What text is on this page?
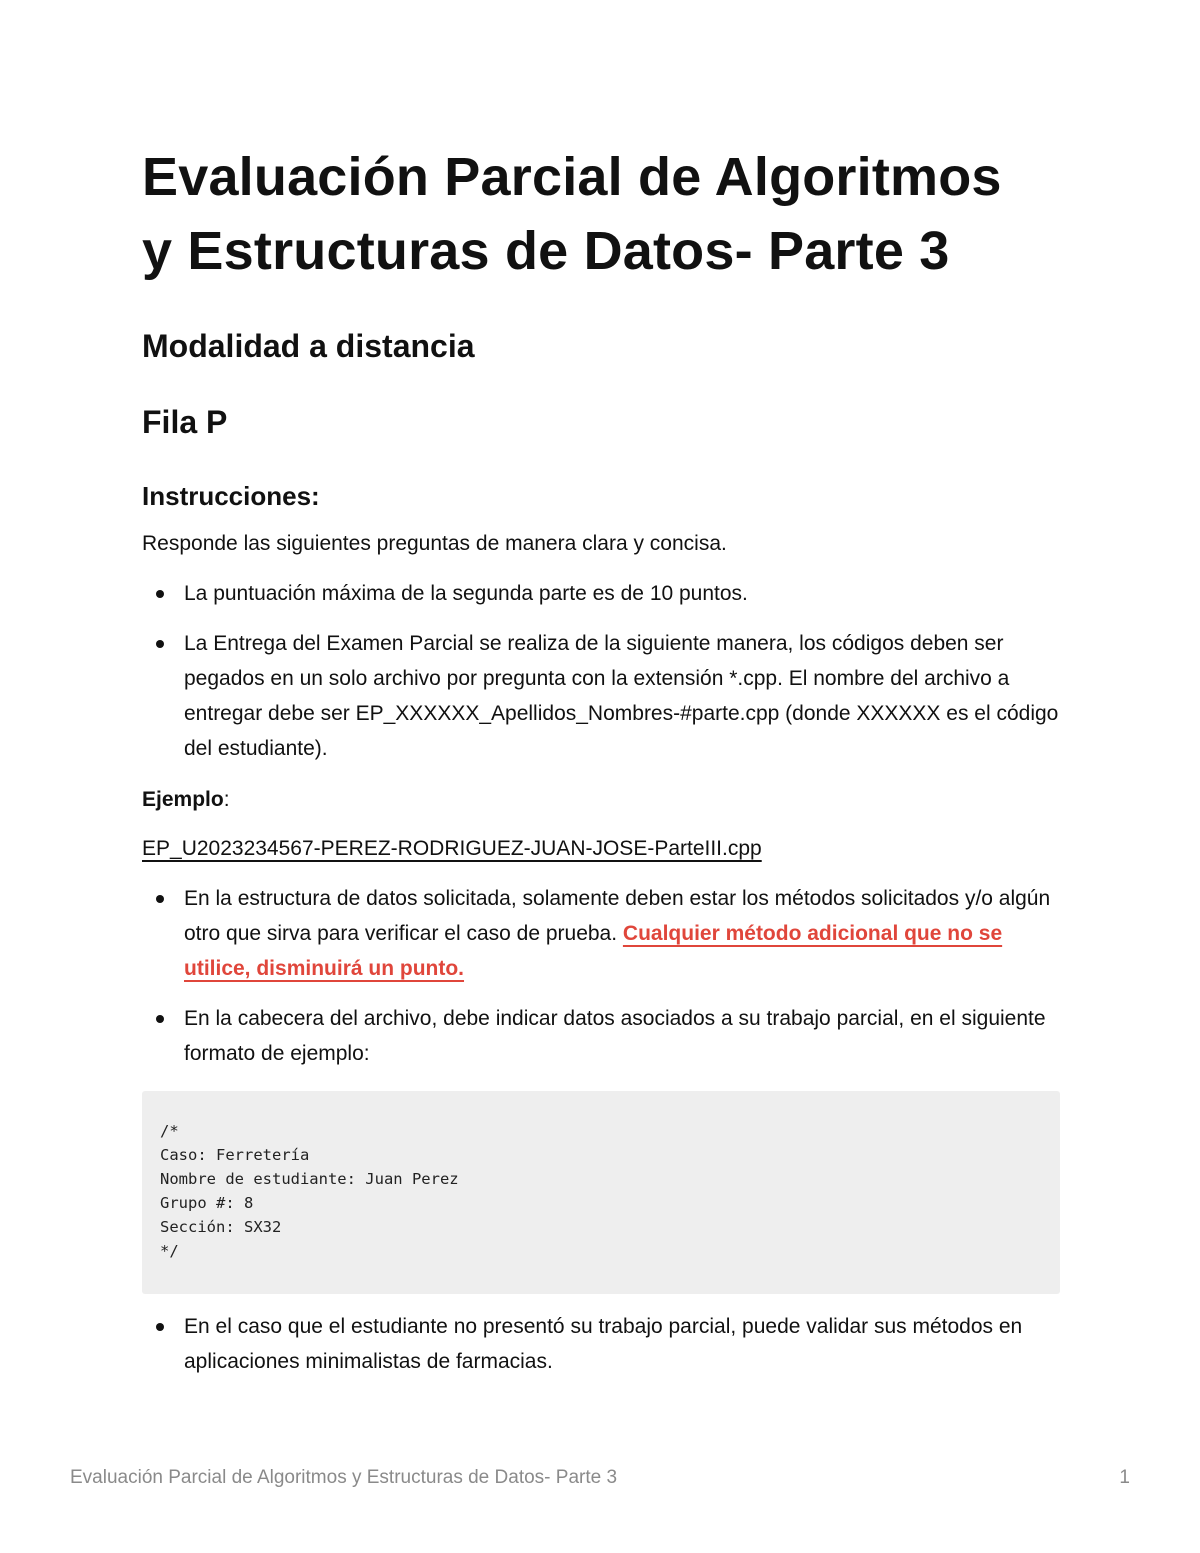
Evaluación Parcial de Algoritmos
y Estructuras de Datos- Parte 3
Modalidad a distancia
Fila P
Instrucciones:

Responde las siguientes preguntas de manera clara y concisa.

La puntuación máxima de la segunda parte es de 10 puntos.
La Entrega del Examen Parcial se realiza de la siguiente manera, los códigos deben ser pegados en un solo archivo por pregunta con la extensión *.cpp. El nombre del archivo a entregar debe ser EP_XXXXXX_Apellidos_Nombres-#parte.cpp (donde XXXXXX es el código del estudiante).

Ejemplo:

EP_U2023234567-PEREZ-RODRIGUEZ-JUAN-JOSE-ParteIII.cpp

En la estructura de datos solicitada, solamente deben estar los métodos solicitados y/o algún otro que sirva para verificar el caso de prueba. Cualquier método adicional que no se utilice, disminuirá un punto.
En la cabecera del archivo, debe indicar datos asociados a su trabajo parcial, en el siguiente formato de ejemplo:
/*
Caso: Ferretería
Nombre de estudiante: Juan Perez
Grupo #: 8
Sección: SX32
*/
En el caso que el estudiante no presentó su trabajo parcial, puede validar sus métodos en aplicaciones minimalistas de farmacias.
Evaluación Parcial de Algoritmos y Estructuras de Datos- Parte 3	1
